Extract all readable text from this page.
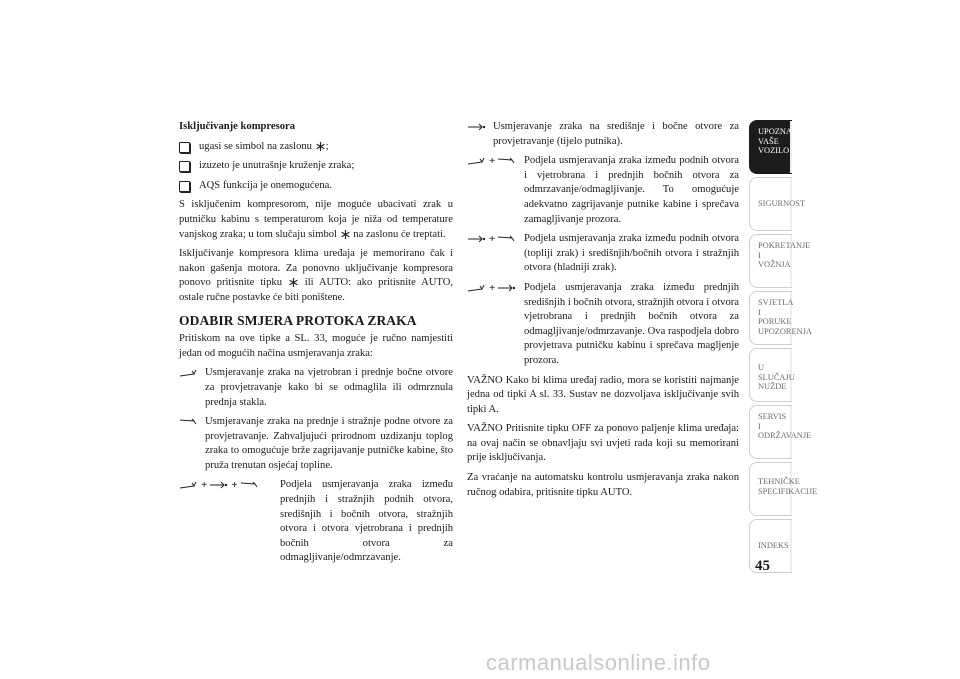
Isključivanje kompresora
ugasi se simbol na zaslonu ;
izuzeto je unutrašnje kruženje zraka;
AQS funkcija je onemogućena.

S isključenim kompresorom, nije moguće ubacivati zrak u putničku kabinu s temperaturom koja je niža od temperature vanjskog zraka; u tom slučaju simbol  na zaslonu će treptati.

Isključivanje kompresora klima uređaja je memorirano čak i nakon gašenja motora. Za ponovno uključivanje kompresora ponovo pritisnite tipku  ili AUTO: ako pritisnite AUTO, ostale ručne postavke će biti poništene.

ODABIR SMJERA PROTOKA ZRAKA

Pritiskom na ove tipke a SL. 33, moguće je ručno namjestiti jedan od mogućih načina usmjeravanja zraka:

Usmjeravanje zraka na vjetrobran i prednje bočne otvore za provjetravanje kako bi se odmaglila ili odmrznula prednja stakla.
Usmjeravanje zraka na prednje i stražnje podne otvore za provjetravanje. Zahvaljujući prirodnom uzdizanju toplog zraka to omogućuje brže zagrijavanje putničke kabine, što pruža trenutan osjećaj topline.
+ +	Podjela usmjeravanja zraka između prednjih i stražnjih podnih otvora, središnjih i bočnih otvora, stražnjih otvora i otvora vjetrobrana i prednjih bočnih otvora za odmagljivanje/odmrzavanje.
Usmjeravanje zraka na središnje i bočne otvore za provjetravanje (tijelo putnika).
+	Podjela usmjeravanja zraka između podnih otvora i vjetrobrana i prednjih bočnih otvora za odmrzavanje/odmagljivanje. To omogućuje adekvatno zagrijavanje putnike kabine i sprečava zamagljivanje prozora.
+	Podjela usmjeravanja zraka između podnih otvora (topliji zrak) i središnjih/bočnih otvora i stražnjih otvora (hladniji zrak).
+	Podjela usmjeravanja zraka između prednjih središnjih i bočnih otvora, stražnjih otvora i otvora vjetrobrana i prednjih bočnih otvora za odmagljivanje/odmrzavanje. Ova raspodjela dobro provjetrava putničku kabinu i sprečava magljenje prozora.

VAŽNO Kako bi klima uređaj radio, mora se koristiti najmanje jedna od tipki A sl. 33. Sustav ne dozvoljava isključivanje svih tipki A.

VAŽNO Pritisnite tipku OFF za ponovo paljenje klima uređaja: na ovaj način se obnavljaju svi uvjeti rada koji su memorirani prije isključivanja.

Za vraćanje na automatsku kontrolu usmjeravanja zraka nakon ručnog odabira, pritisnite tipku AUTO.

UPOZNAJTE
VAŠE
VOZILO
SIGURNOST
POKRETANJE
I
VOŽNJA
SVJETLA I
PORUKE
UPOZORENJA
U SLUČAJU
NUŽDE
SERVIS
I
ODRŽAVANJE
TEHNIČKE
SPECIFIKACIJE
INDEKS
45
carmanualsonline.info
